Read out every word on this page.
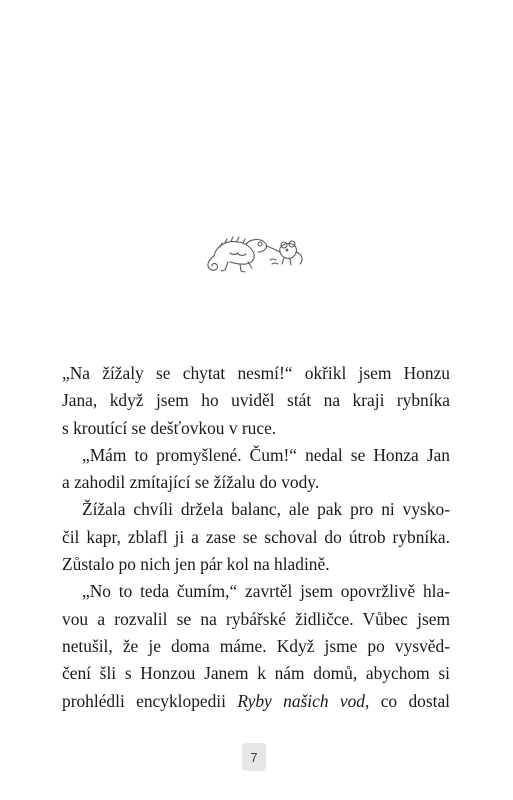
„Na žížaly se chytat nesmí!“ okřikl jsem Honzu
Jana, když jsem ho uviděl stát na kraji rybníka
s kroutící se dešťovkou v ruce.
„Mám to promyšlené. Čum!“ nedal se Honza Jan
a zahodil zmítající se žížalu do vody.
Žížala chvíli držela balanc, ale pak pro ni vysko-
čil kapr, zblafl ji a zase se schoval do útrob rybníka.
Zůstalo po nich jen pár kol na hladině.
„No to teda čumím,“ zavrtěl jsem opovržlivě hla-
vou a rozvalil se na rybářské židličce. Vůbec jsem
netušil, že je doma máme. Když jsme po vysvěd-
čení šli s Honzou Janem k nám domů, abychom si
prohlédli encyklopedii Ryby našich vod, co dostal
7
